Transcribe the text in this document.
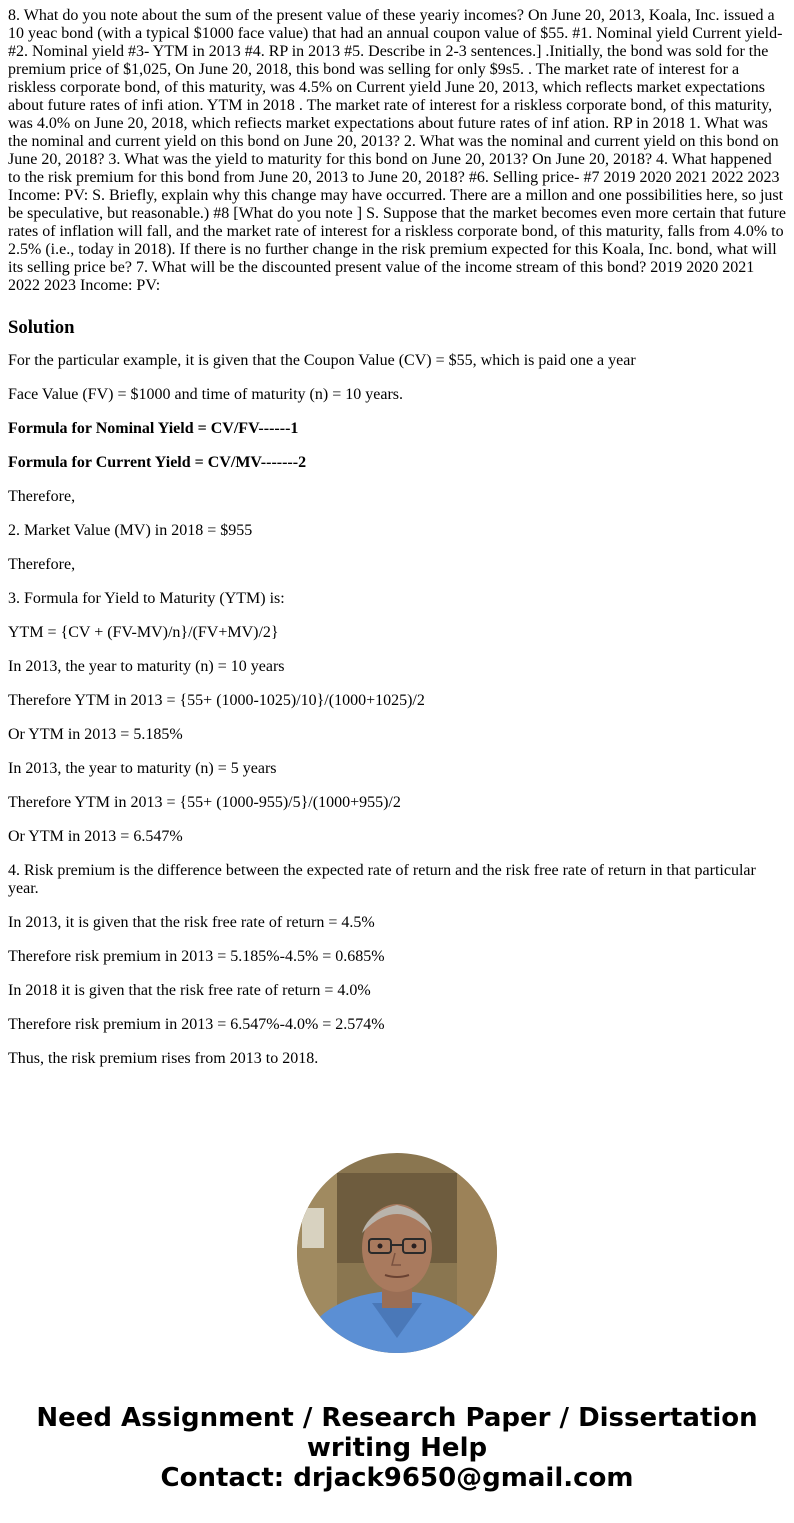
8. What do you note about the sum of the present value of these yeariy incomes? On June 20, 2013, Koala, Inc. issued a 10 yeac bond (with a typical $1000 face value) that had an annual coupon value of $55. #1. Nominal yield Current yield- #2. Nominal yield #3- YTM in 2013 #4. RP in 2013 #5. Describe in 2-3 sentences.] .Initially, the bond was sold for the premium price of $1,025, On June 20, 2018, this bond was selling for only $9s5. . The market rate of interest for a riskless corporate bond, of this maturity, was 4.5% on Current yield June 20, 2013, which reflects market expectations about future rates of infi ation. YTM in 2018 . The market rate of interest for a riskless corporate bond, of this maturity, was 4.0% on June 20, 2018, which refiects market expectations about future rates of inf ation. RP in 2018 1. What was the nominal and current yield on this bond on June 20, 2013? 2. What was the nominal and current yield on this bond on June 20, 2018? 3. What was the yield to maturity for this bond on June 20, 2013? On June 20, 2018? 4. What happened to the risk premium for this bond from June 20, 2013 to June 20, 2018? #6. Selling price- #7 2019 2020 2021 2022 2023 Income: PV: S. Briefly, explain why this change may have occurred. There are a millon and one possibilities here, so just be speculative, but reasonable.) #8 [What do you note ] S. Suppose that the market becomes even more certain that future rates of inflation will fall, and the market rate of interest for a riskless corporate bond, of this maturity, falls from 4.0% to 2.5% (i.e., today in 2018). If there is no further change in the risk premium expected for this Koala, Inc. bond, what will its selling price be? 7. What will be the discounted present value of the income stream of this bond? 2019 2020 2021 2022 2023 Income: PV:

Solution

For the particular example, it is given that the Coupon Value (CV) = $55, which is paid one a year

Face Value (FV) = $1000 and time of maturity (n) = 10 years.

Formula for Nominal Yield = CV/FV------1

Formula for Current Yield = CV/MV-------2

Therefore,

2. Market Value (MV) in 2018 = $955

Therefore,

3. Formula for Yield to Maturity (YTM) is:

YTM = {CV + (FV-MV)/n}/(FV+MV)/2}

In 2013, the year to maturity (n) = 10 years

Therefore YTM in 2013 = {55+ (1000-1025)/10}/(1000+1025)/2

Or YTM in 2013 = 5.185%

In 2013, the year to maturity (n) = 5 years

Therefore YTM in 2013 = {55+ (1000-955)/5}/(1000+955)/2

Or YTM in 2013 = 6.547%

4. Risk premium is the difference between the expected rate of return and the risk free rate of return in that particular year.

In 2013, it is given that the risk free rate of return = 4.5%

Therefore risk premium in 2013 = 5.185%-4.5% = 0.685%

In 2018 it is given that the risk free rate of return = 4.0%

Therefore risk premium in 2013 = 6.547%-4.0% = 2.574%

Thus, the risk premium rises from 2013 to 2018.

Need Assignment / Research Paper / Dissertation
writing Help
Contact: drjack9650@gmail.com
